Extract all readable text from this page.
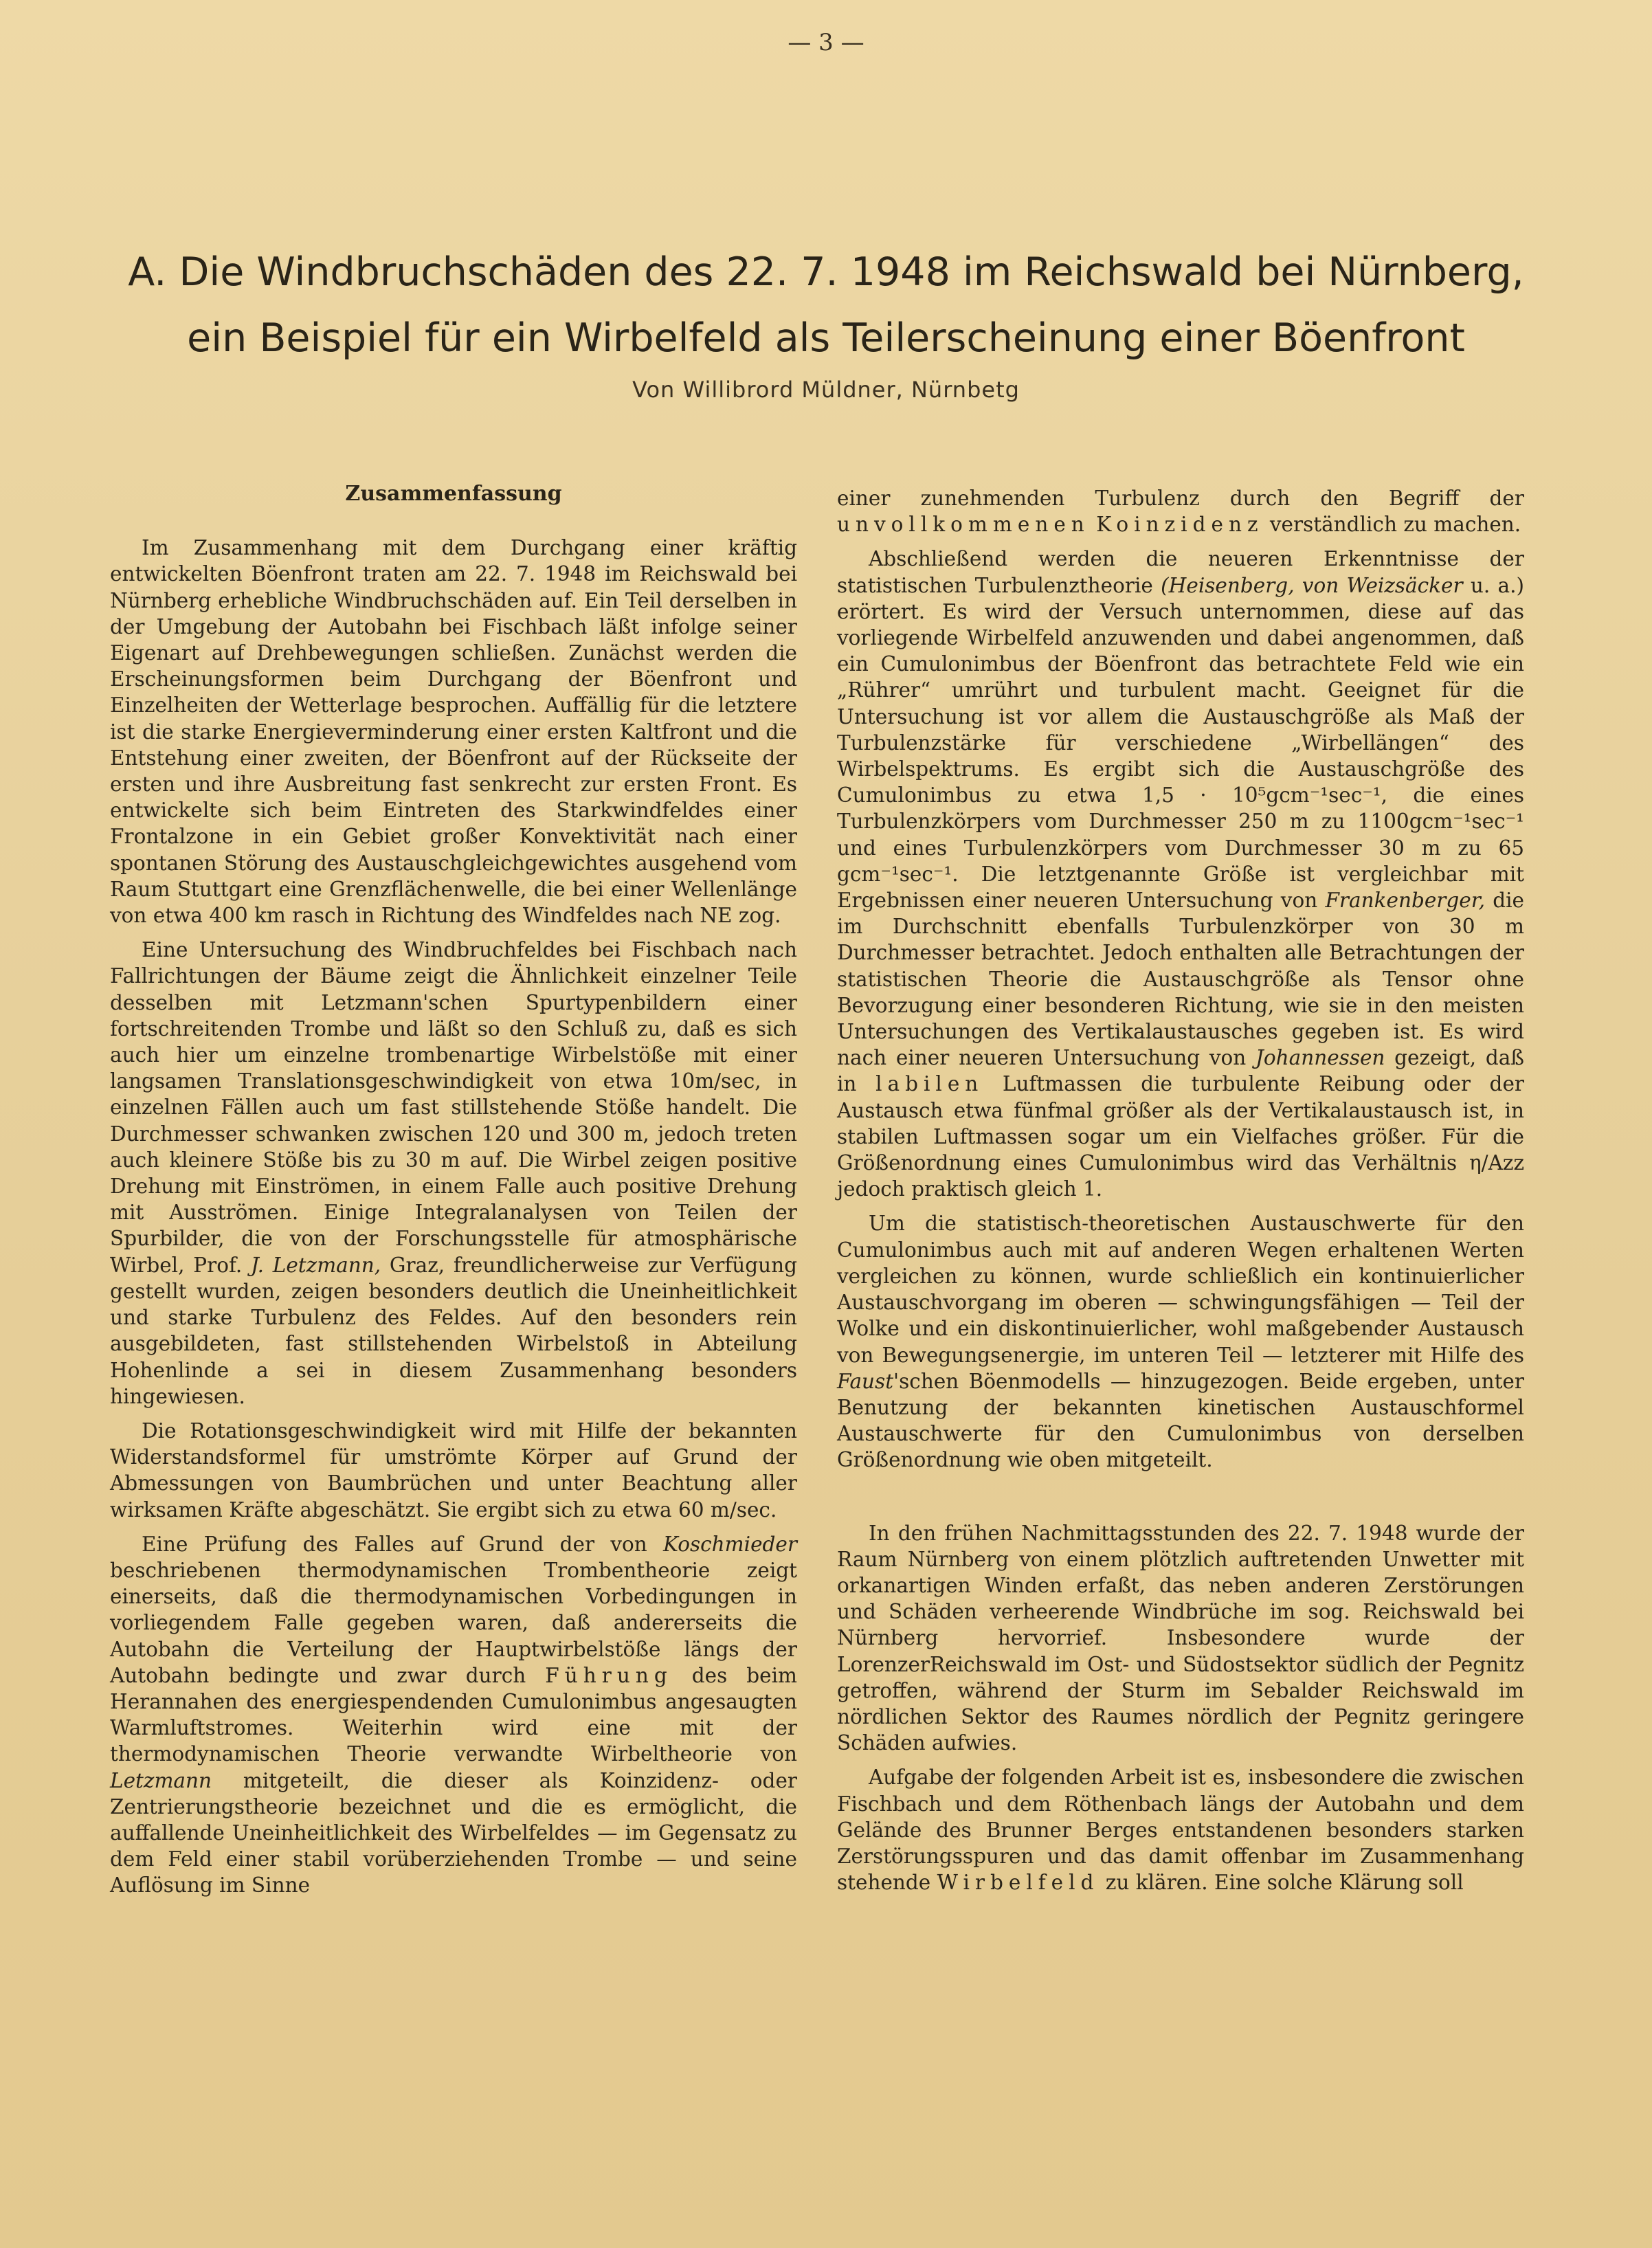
— 3 —
A. Die Windbruchschäden des 22. 7. 1948 im Reichswald bei Nürnberg,
ein Beispiel für ein Wirbelfeld als Teilerscheinung einer Böenfront
Von Willibrord Müldner, Nürnbetg
Zusammenfassung

Im Zusammenhang mit dem Durchgang einer kräftig entwickelten Böenfront traten am 22. 7. 1948 im Reichswald bei Nürnberg erhebliche Windbruchschäden auf. Ein Teil derselben in der Umgebung der Autobahn bei Fischbach läßt infolge seiner Eigenart auf Drehbewegungen schließen. Zunächst werden die Erscheinungsformen beim Durchgang der Böenfront und Einzelheiten der Wetterlage besprochen. Auffällig für die letztere ist die starke Energieverminderung einer ersten Kaltfront und die Entstehung einer zweiten, der Böenfront auf der Rückseite der ersten und ihre Ausbreitung fast senkrecht zur ersten Front. Es entwickelte sich beim Eintreten des Starkwindfeldes einer Frontalzone in ein Gebiet großer Konvektivität nach einer spontanen Störung des Austauschgleichgewichtes ausgehend vom Raum Stuttgart eine Grenzflächenwelle, die bei einer Wellenlänge von etwa 400 km rasch in Richtung des Windfeldes nach NE zog.

Eine Untersuchung des Windbruchfeldes bei Fischbach nach Fallrichtungen der Bäume zeigt die Ähnlichkeit einzelner Teile desselben mit Letzmann'schen Spurtypenbildern einer fortschreitenden Trombe und läßt so den Schluß zu, daß es sich auch hier um einzelne trombenartige Wirbelstöße mit einer langsamen Translationsgeschwindigkeit von etwa 10m/sec, in einzelnen Fällen auch um fast stillstehende Stöße handelt. Die Durchmesser schwanken zwischen 120 und 300 m, jedoch treten auch kleinere Stöße bis zu 30 m auf. Die Wirbel zeigen positive Drehung mit Einströmen, in einem Falle auch positive Drehung mit Ausströmen. Einige Integralanalysen von Teilen der Spurbilder, die von der Forschungsstelle für atmosphärische Wirbel, Prof. J. Letzmann, Graz, freundlicherweise zur Verfügung gestellt wurden, zeigen besonders deutlich die Uneinheitlichkeit und starke Turbulenz des Feldes. Auf den besonders rein ausgebildeten, fast stillstehenden Wirbelstoß in Abteilung Hohenlinde a sei in diesem Zusammenhang besonders hingewiesen.

Die Rotationsgeschwindigkeit wird mit Hilfe der bekannten Widerstandsformel für umströmte Körper auf Grund der Abmessungen von Baumbrüchen und unter Beachtung aller wirksamen Kräfte abgeschätzt. Sie ergibt sich zu etwa 60 m/sec.

Eine Prüfung des Falles auf Grund der von Koschmieder beschriebenen thermodynamischen Trombentheorie zeigt einerseits, daß die thermodynamischen Vorbedingungen in vorliegendem Falle gegeben waren, daß andererseits die Autobahn die Verteilung der Hauptwirbelstöße längs der Autobahn bedingte und zwar durch Führung des beim Herannahen des energiespendenden Cumulonimbus angesaugten Warmluftstromes. Weiterhin wird eine mit der thermodynamischen Theorie verwandte Wirbeltheorie von Letzmann mitgeteilt, die dieser als Koinzidenz- oder Zentrierungstheorie bezeichnet und die es ermöglicht, die auffallende Uneinheitlichkeit des Wirbelfeldes — im Gegensatz zu dem Feld einer stabil vorüberziehenden Trombe — und seine Auflösung im Sinne

einer zunehmenden Turbulenz durch den Begriff der unvollkommenen Koinzidenz verständlich zu machen.

Abschließend werden die neueren Erkenntnisse der statistischen Turbulenztheorie (Heisenberg, von Weizsäcker u. a.) erörtert. Es wird der Versuch unternommen, diese auf das vorliegende Wirbelfeld anzuwenden und dabei angenommen, daß ein Cumulonimbus der Böenfront das betrachtete Feld wie ein „Rührer“ umrührt und turbulent macht. Geeignet für die Untersuchung ist vor allem die Austauschgröße als Maß der Turbulenzstärke für verschiedene „Wirbellängen“ des Wirbelspektrums. Es ergibt sich die Austauschgröße des Cumulonimbus zu etwa 1,5 · 10⁵gcm⁻¹sec⁻¹, die eines Turbulenzkörpers vom Durchmesser 250 m zu 1100gcm⁻¹sec⁻¹ und eines Turbulenzkörpers vom Durchmesser 30 m zu 65 gcm⁻¹sec⁻¹. Die letztgenannte Größe ist vergleichbar mit Ergebnissen einer neueren Untersuchung von Frankenberger, die im Durchschnitt ebenfalls Turbulenzkörper von 30 m Durchmesser betrachtet. Jedoch enthalten alle Betrachtungen der statistischen Theorie die Austauschgröße als Tensor ohne Bevorzugung einer besonderen Richtung, wie sie in den meisten Untersuchungen des Vertikalaustausches gegeben ist. Es wird nach einer neueren Untersuchung von Johannessen gezeigt, daß in labilen Luftmassen die turbulente Reibung oder der Austausch etwa fünfmal größer als der Vertikalaustausch ist, in stabilen Luftmassen sogar um ein Vielfaches größer. Für die Größenordnung eines Cumulonimbus wird das Verhältnis η/Azz jedoch praktisch gleich 1.

Um die statistisch-theoretischen Austauschwerte für den Cumulonimbus auch mit auf anderen Wegen erhaltenen Werten vergleichen zu können, wurde schließlich ein kontinuierlicher Austauschvorgang im oberen — schwingungsfähigen — Teil der Wolke und ein diskontinuierlicher, wohl maßgebender Austausch von Bewegungsenergie, im unteren Teil — letzterer mit Hilfe des Faust'schen Böenmodells — hinzugezogen. Beide ergeben, unter Benutzung der bekannten kinetischen Austauschformel Austauschwerte für den Cumulonimbus von derselben Größenordnung wie oben mitgeteilt.

In den frühen Nachmittagsstunden des 22. 7. 1948 wurde der Raum Nürnberg von einem plötzlich auftretenden Unwetter mit orkanartigen Winden erfaßt, das neben anderen Zerstörungen und Schäden verheerende Windbrüche im sog. Reichswald bei Nürnberg hervorrief. Insbesondere wurde der LorenzerReichswald im Ost- und Südostsektor südlich der Pegnitz getroffen, während der Sturm im Sebalder Reichswald im nördlichen Sektor des Raumes nördlich der Pegnitz geringere Schäden aufwies.

Aufgabe der folgenden Arbeit ist es, insbesondere die zwischen Fischbach und dem Röthenbach längs der Autobahn und dem Gelände des Brunner Berges entstandenen besonders starken Zerstörungsspuren und das damit offenbar im Zusammenhang stehende Wirbelfeld zu klären. Eine solche Klärung soll
